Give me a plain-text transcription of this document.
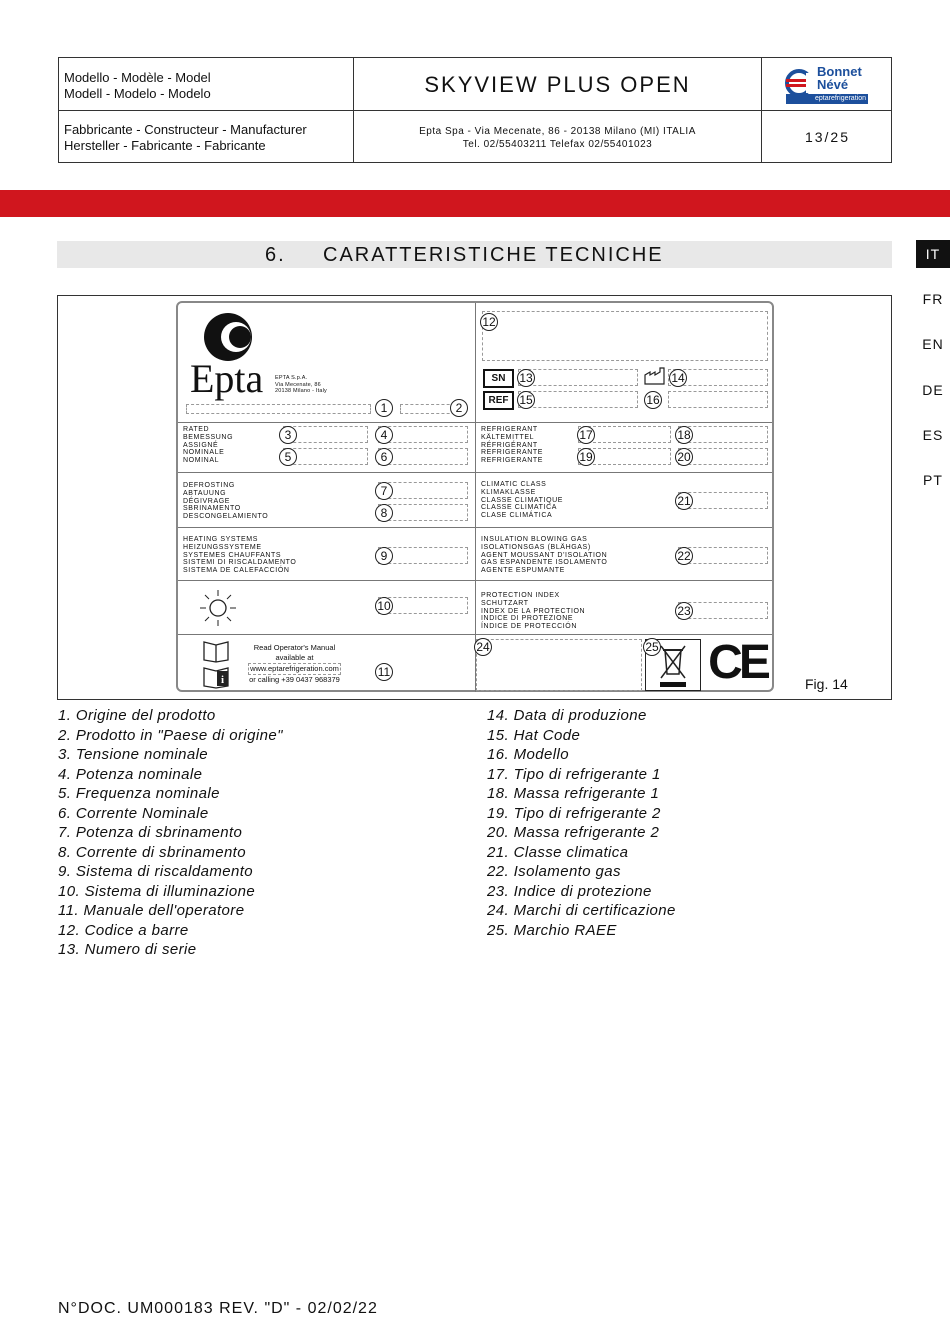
Modello - Modèle - Model
Modell - Modelo - Modelo	SKYVIEW PLUS OPEN
Bonnet
Névé
eptarefrigeration
Fabbricante - Constructeur - Manufacturer
Hersteller - Fabricante - Fabricante
Epta Spa - Via Mecenate, 86 - 20138 Milano (MI) ITALIA
Tel. 02/55403211 Telefax 02/55401023	13/25
6. CARATTERISTICHE TECNICHE	IT
FR
EN
DE
ES
PT
Fig. 14
Epta EPTA S.p.A.
Via Mecenate, 86
20138 Milano - Italy
RATED
BEMESSUNG
ASSIGNÉ
NOMINALE
NOMINAL
DEFROSTING
ABTAUUNG
DÉGIVRAGE
SBRINAMENTO
DESCONGELAMIENTO
HEATING SYSTEMS
HEIZUNGSSYSTEME
SYSTEMES CHAUFFANTS
SISTEMI DI RISCALDAMENTO
SISTEMA DE CALEFACCIÓN
i
Read Operator's Manual
available at
www.eptarefrigeration.com
or calling +39 0437 968379
SN
REF
REFRIGERANT
KÄLTEMITTEL
RÉFRIGÉRANT
REFRIGERANTE
REFRIGERANTE
CLIMATIC CLASS
KLIMAKLASSE
CLASSE CLIMATIQUE
CLASSE CLIMATICA
CLASE CLIMÁTICA
INSULATION BLOWING GAS
ISOLATIONSGAS (BLÄHGAS)
AGENT MOUSSANT D'ISOLATION
GAS ESPANDENTE ISOLAMENTO
AGENTE ESPUMANTE
PROTECTION INDEX
SCHUTZART
INDEX DE LA PROTECTION
INDICE DI PROTEZIONE
ÍNDICE DE PROTECCIÓN
CE
1	2
3	4
5	6
7
8
9
10
11
12
13	14
15	16
17	18
19	20
21
22
23
24	25
1. Origine del prodotto
2. Prodotto in "Paese di origine"
3. Tensione nominale
4. Potenza nominale
5. Frequenza nominale
6. Corrente Nominale
7. Potenza di sbrinamento
8. Corrente di sbrinamento
9. Sistema di riscaldamento
10. Sistema di illuminazione
11. Manuale dell'operatore
12. Codice a barre
13. Numero di serie
14. Data di produzione
15. Hat Code
16. Modello
17. Tipo di refrigerante 1
18. Massa refrigerante 1
19. Tipo di refrigerante 2
20. Massa refrigerante 2
21. Classe climatica
22. Isolamento gas
23. Indice di protezione
24. Marchi di certificazione
25. Marchio RAEE
N°DOC. UM000183 REV. "D" - 02/02/22
